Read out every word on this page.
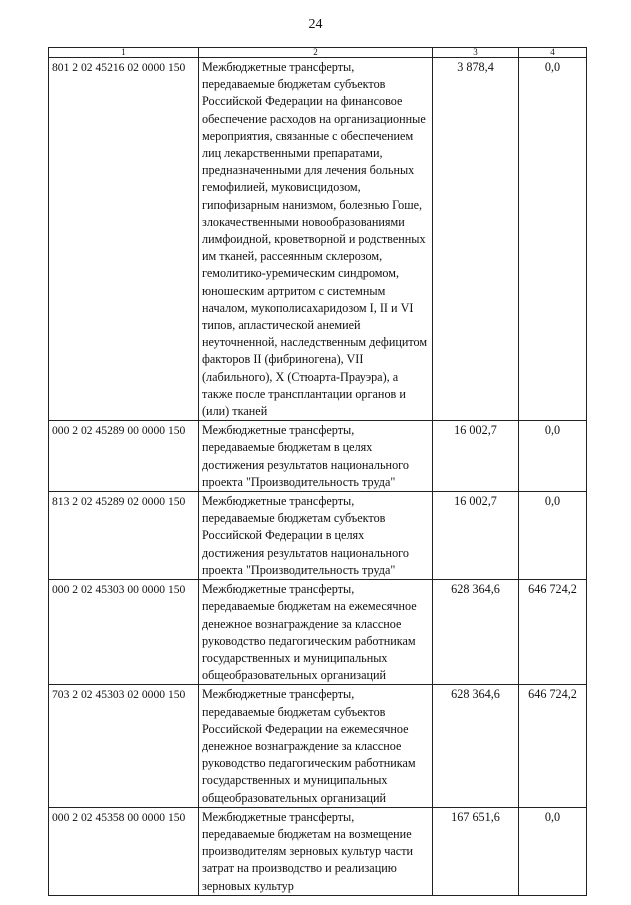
24
1	2	3	4
801 2 02 45216 02 0000 150	Межбюджетные трансферты, передаваемые бюджетам субъектов Российской Федерации на финансовое обеспечение расходов на организационные мероприятия, связанные с обеспечением лиц лекарственными препаратами, предназначенными для лечения больных гемофилией, муковисцидозом, гипофизарным нанизмом, болезнью Гоше, злокачественными новообразованиями лимфоидной, кроветворной и родственных им тканей, рассеянным склерозом, гемолитико-уремическим синдромом, юношеским артритом с системным началом, мукополисахаридозом I, II и VI типов, апластической анемией неуточненной, наследственным дефицитом факторов II (фибриногена), VII (лабильного), X (Стюарта-Прауэра), а также после трансплантации органов и (или) тканей	3 878,4	0,0
000 2 02 45289 00 0000 150	Межбюджетные трансферты, передаваемые бюджетам в целях достижения результатов национального проекта "Производительность труда"	16 002,7	0,0
813 2 02 45289 02 0000 150	Межбюджетные трансферты, передаваемые бюджетам субъектов Российской Федерации в целях достижения результатов национального проекта "Производительность труда"	16 002,7	0,0
000 2 02 45303 00 0000 150	Межбюджетные трансферты, передаваемые бюджетам на ежемесячное денежное вознаграждение за классное руководство педагогическим работникам государственных и муниципальных общеобразовательных организаций	628 364,6	646 724,2
703 2 02 45303 02 0000 150	Межбюджетные трансферты, передаваемые бюджетам субъектов Российской Федерации на ежемесячное денежное вознаграждение за классное руководство педагогическим работникам государственных и муниципальных общеобразовательных организаций	628 364,6	646 724,2
000 2 02 45358 00 0000 150	Межбюджетные трансферты, передаваемые бюджетам на возмещение производителям зерновых культур части затрат на производство и реализацию зерновых культур	167 651,6	0,0
